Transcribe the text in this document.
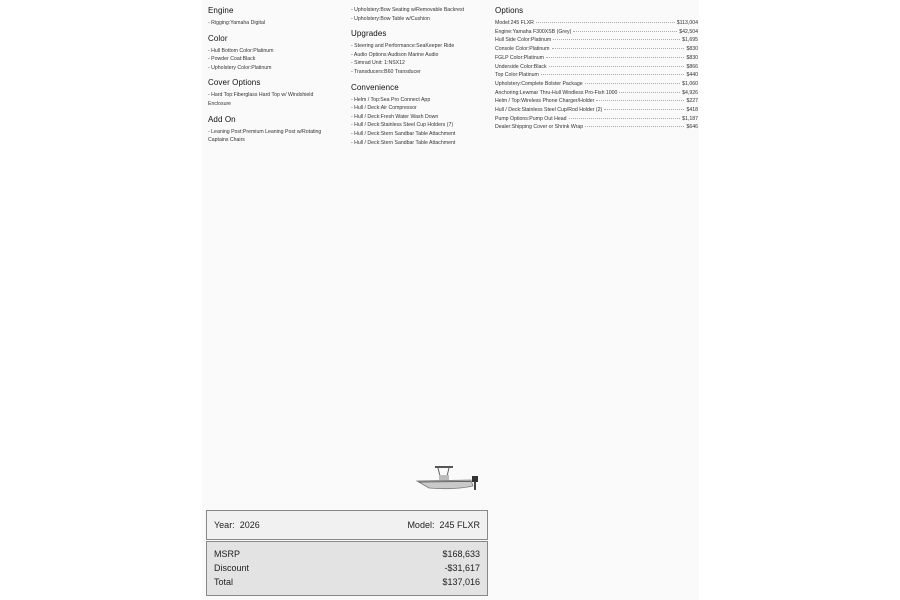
Engine
- Rigging:Yamaha Digital
Color
- Hull Bottom Color:Platinum
- Powder Coat:Black
- Upholstery Color:Platinum
Cover Options
- Hard Top:Fiberglass Hard Top w/ Windshield
Enclosure
Add On
- Leaning Post:Premium Leaning Post w/Rotating
Captains Chairs
- Upholstery:Bow Seating w/Removable Backrest
- Upholstery:Bow Table w/Cushion
Upgrades
- Steering and Performance:SeaKeeper Ride
- Audio Options:Audison Marine Audio
- Simrad Unit: 1:NSX12
- Transducers:B60 Transducer
Convenience
- Helm / Top:Sea Pro Connect App
- Hull / Deck:Air Compressor
- Hull / Deck:Fresh Water Wash Down
- Hull / Deck:Stainless Steel Cup Holders (7)
- Hull / Deck:Stern Sandbar Table Attachment
- Hull / Deck:Stern Sandbar Table Attachment
Options
Model:245 FLXR	$113,004
Engine:Yamaha F300XSB (Grey)	$42,504
Hull Side Color:Platinum	$1,695
Console Color:Platinum	$830
FGLP Color:Platinum	$830
Underside Color:Black	$866
Top Color:Platinum	$440
Upholstery:Complete Bolster Package	$1,060
Anchoring:Lewmar Thru-Hull Windless Pro-Fish 1000	$4,926
Helm / Top:Wireless Phone Charger/Holder	$227
Hull / Deck:Stainless Steel Cup/Rod Holder (2)	$418
Pump Options:Pump Out Head	$1,187
Dealer:Shipping Cover or Shrink Wrap	$646
Year: 2026	Model: 245 FLXR
MSRP	$168,633
Discount	-$31,617
Total	$137,016
